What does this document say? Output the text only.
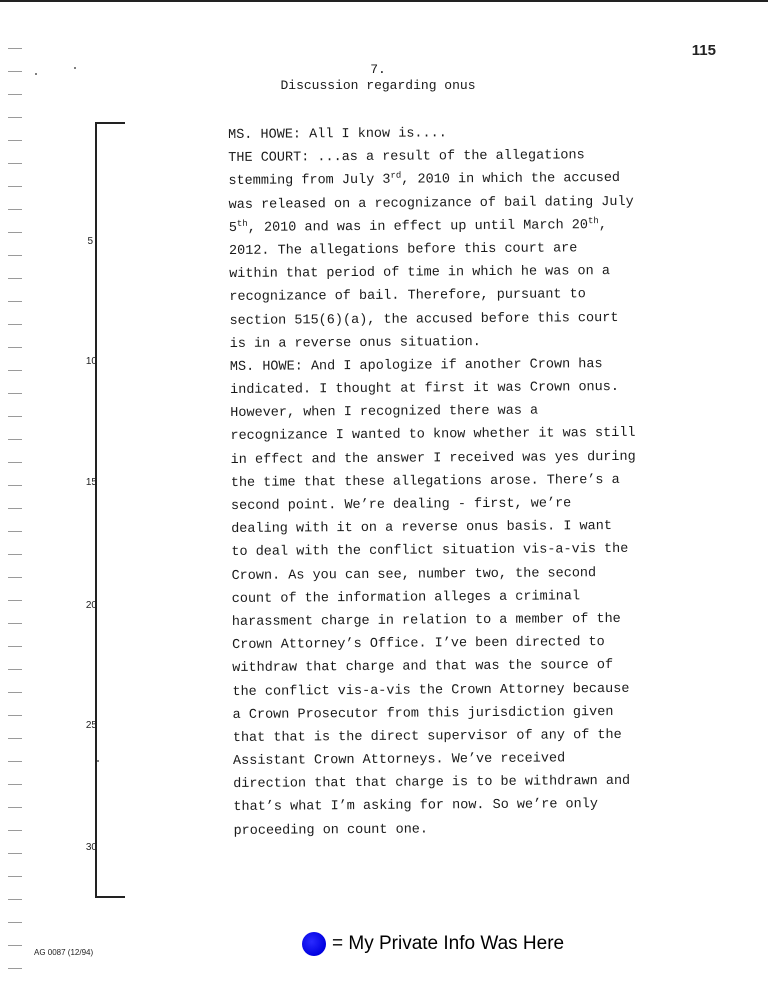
115
7.
Discussion regarding onus
5
10
15
20
25
30
MS. HOWE: All I know is....
THE COURT: ...as a result of the allegations
stemming from July 3rd, 2010 in which the accused
was released on a recognizance of bail dating July
5th, 2010 and was in effect up until March 20th,
2012. The allegations before this court are
within that period of time in which he was on a
recognizance of bail. Therefore, pursuant to
section 515(6)(a), the accused before this court
is in a reverse onus situation.
MS. HOWE: And I apologize if another Crown has
indicated. I thought at first it was Crown onus.
However, when I recognized there was a
recognizance I wanted to know whether it was still
in effect and the answer I received was yes during
the time that these allegations arose. There’s a
second point. We’re dealing - first, we’re
dealing with it on a reverse onus basis. I want
to deal with the conflict situation vis-a-vis the
Crown. As you can see, number two, the second
count of the information alleges a criminal
harassment charge in relation to a member of the
Crown Attorney’s Office. I’ve been directed to
withdraw that charge and that was the source of
the conflict vis-a-vis the Crown Attorney because
a Crown Prosecutor from this jurisdiction given
that that is the direct supervisor of any of the
Assistant Crown Attorneys. We’ve received
direction that that charge is to be withdrawn and
that’s what I’m asking for now. So we’re only
proceeding on count one.
AG 0087 (12/94)	= My Private Info Was Here
